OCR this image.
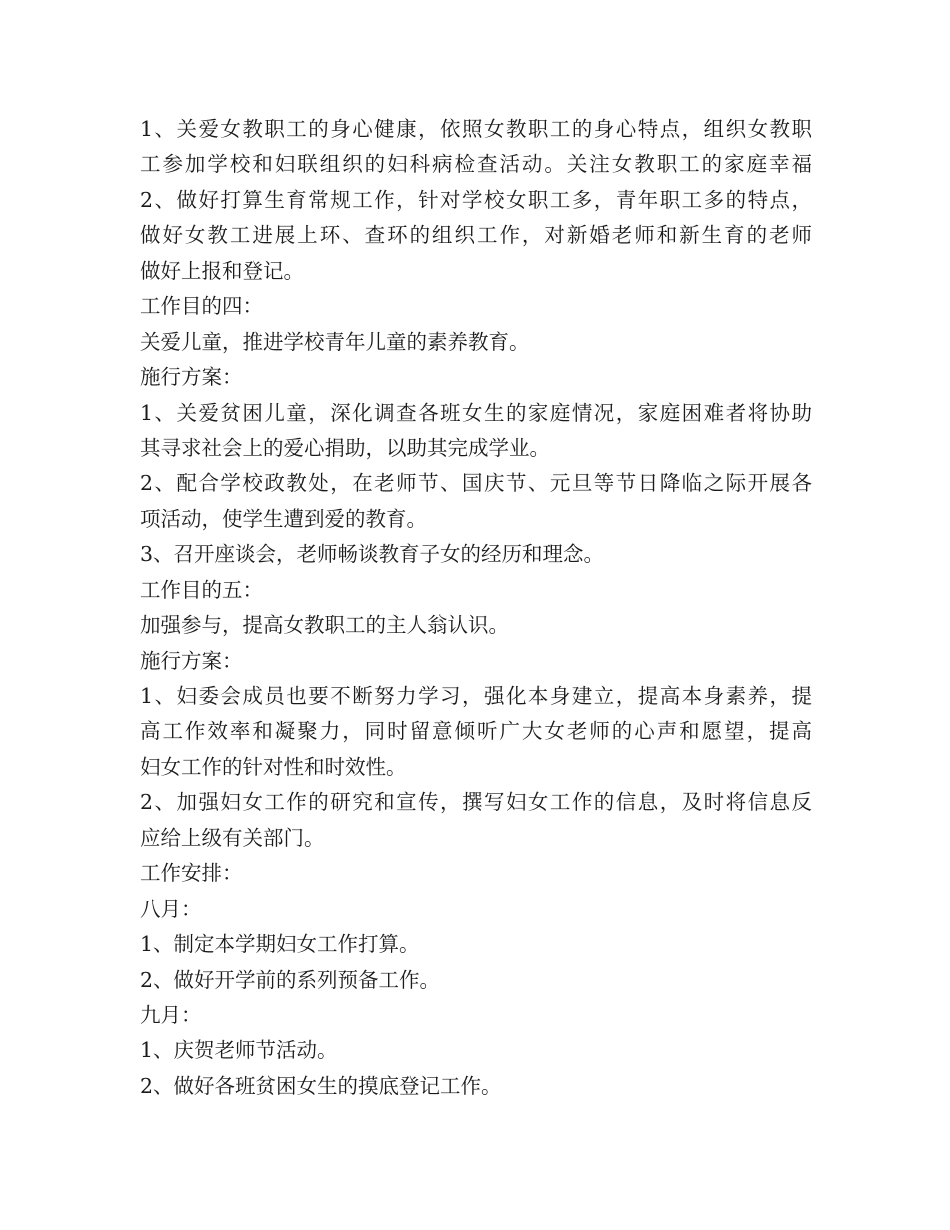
1、关爱女教职工的身心健康，依照女教职工的身心特点，组织女教职
工参加学校和妇联组织的妇科病检查活动。关注女教职工的家庭幸福
2、做好打算生育常规工作，针对学校女职工多，青年职工多的特点，
做好女教工进展上环、查环的组织工作，对新婚老师和新生育的老师
做好上报和登记。
工作目的四：
关爱儿童，推进学校青年儿童的素养教育。
施行方案：
1、关爱贫困儿童，深化调查各班女生的家庭情况，家庭困难者将协助
其寻求社会上的爱心捐助，以助其完成学业。
2、配合学校政教处，在老师节、国庆节、元旦等节日降临之际开展各
项活动，使学生遭到爱的教育。
3、召开座谈会，老师畅谈教育子女的经历和理念。
工作目的五：
加强参与，提高女教职工的主人翁认识。
施行方案：
1、妇委会成员也要不断努力学习，强化本身建立，提高本身素养，提
高工作效率和凝聚力，同时留意倾听广大女老师的心声和愿望，提高
妇女工作的针对性和时效性。
2、加强妇女工作的研究和宣传，撰写妇女工作的信息，及时将信息反
应给上级有关部门。
工作安排：
八月：
1、制定本学期妇女工作打算。
2、做好开学前的系列预备工作。
九月：
1、庆贺老师节活动。
2、做好各班贫困女生的摸底登记工作。
